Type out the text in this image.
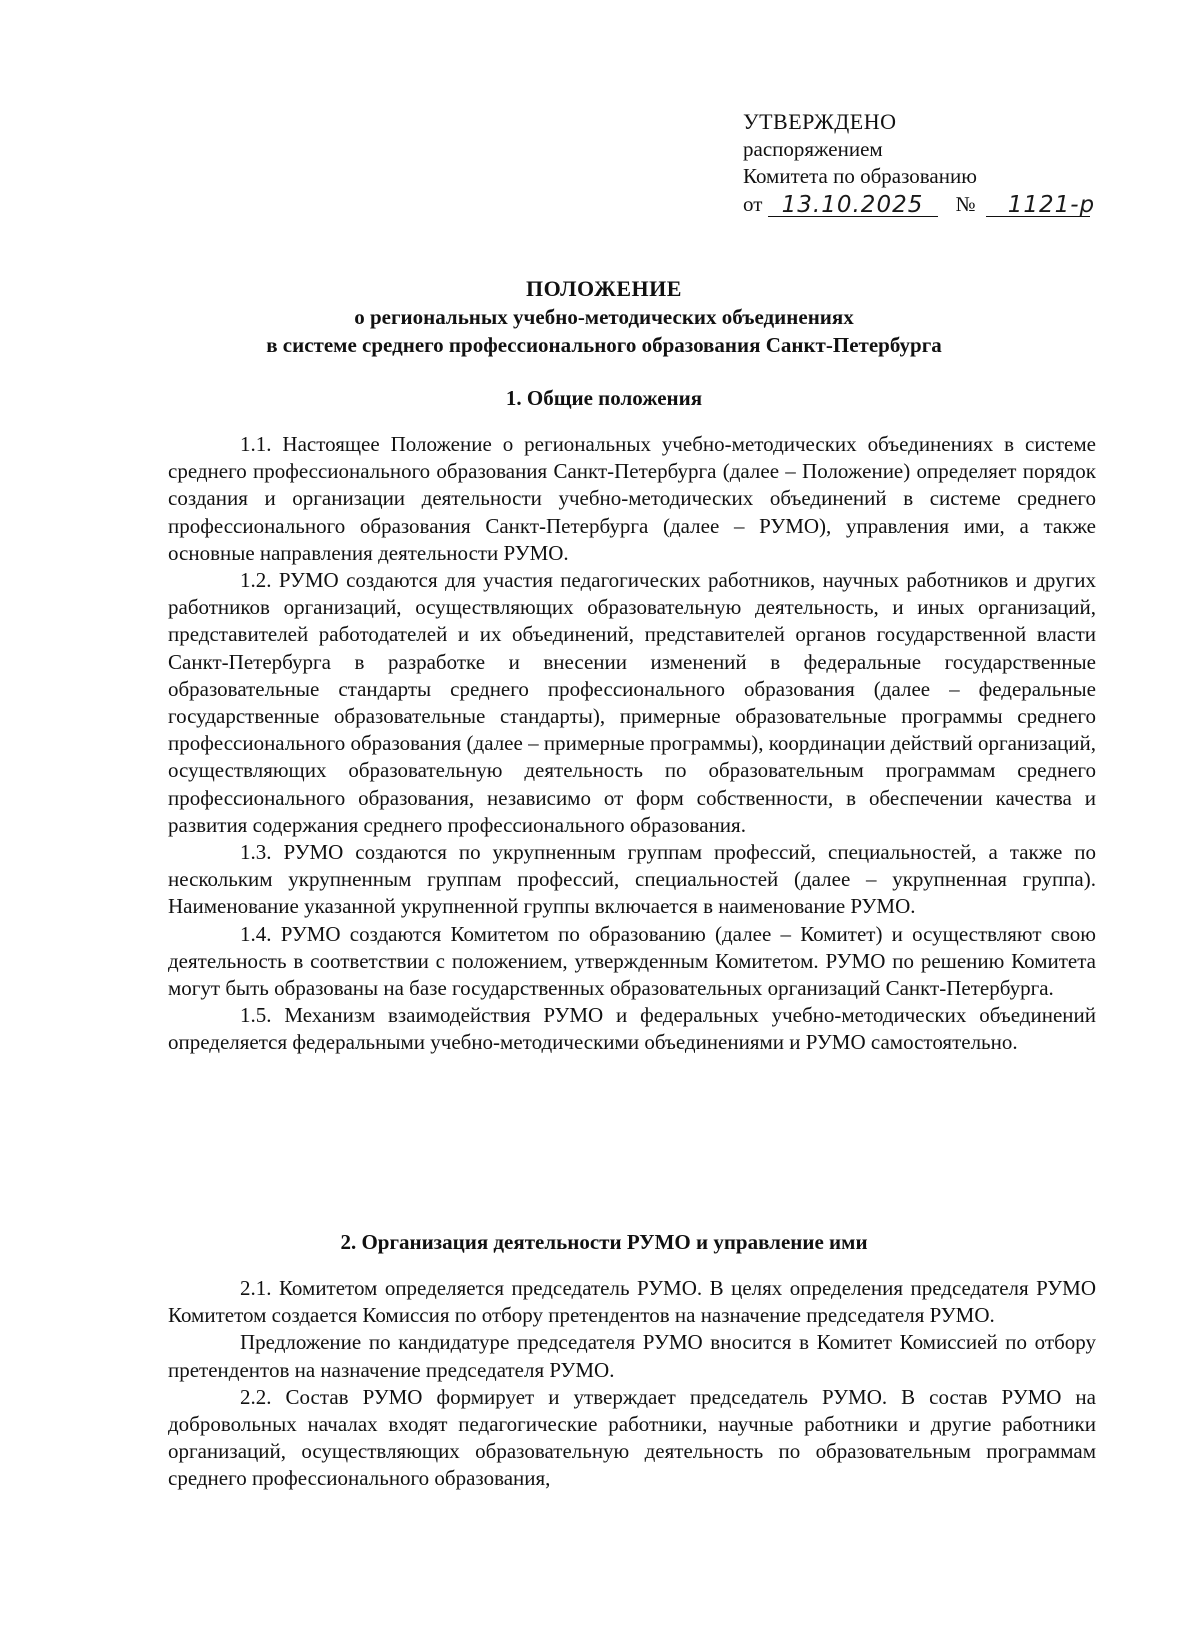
УТВЕРЖДЕНО
распоряжением
Комитета по образованию
от 13.10.2025 № 1121-р
ПОЛОЖЕНИЕ
о региональных учебно-методических объединениях
в системе среднего профессионального образования Санкт-Петербурга
1. Общие положения

1.1. Настоящее Положение о региональных учебно-методических объединениях в системе среднего профессионального образования Санкт-Петербурга (далее – Положение) определяет порядок создания и организации деятельности учебно-методических объединений в системе среднего профессионального образования Санкт-Петербурга (далее – РУМО), управления ими, а также основные направления деятельности РУМО.

1.2. РУМО создаются для участия педагогических работников, научных работников и других работников организаций, осуществляющих образовательную деятельность, и иных организаций, представителей работодателей и их объединений, представителей органов государственной власти Санкт-Петербурга в разработке и внесении изменений в федеральные государственные образовательные стандарты среднего профессионального образования (далее – федеральные государственные образовательные стандарты), примерные образовательные программы среднего профессионального образования (далее – примерные программы), координации действий организаций, осуществляющих образовательную деятельность по образовательным программам среднего профессионального образования, независимо от форм собственности, в обеспечении качества и развития содержания среднего профессионального образования.

1.3. РУМО создаются по укрупненным группам профессий, специальностей, а также по нескольким укрупненным группам профессий, специальностей (далее – укрупненная группа). Наименование указанной укрупненной группы включается в наименование РУМО.

1.4. РУМО создаются Комитетом по образованию (далее – Комитет) и осуществляют свою деятельность в соответствии с положением, утвержденным Комитетом. РУМО по решению Комитета могут быть образованы на базе государственных образовательных организаций Санкт-Петербурга.

1.5. Механизм взаимодействия РУМО и федеральных учебно-методических объединений определяется федеральными учебно-методическими объединениями и РУМО самостоятельно.

2. Организация деятельности РУМО и управление ими

2.1. Комитетом определяется председатель РУМО. В целях определения председателя РУМО Комитетом создается Комиссия по отбору претендентов на назначение председателя РУМО.

Предложение по кандидатуре председателя РУМО вносится в Комитет Комиссией по отбору претендентов на назначение председателя РУМО.

2.2. Состав РУМО формирует и утверждает председатель РУМО. В состав РУМО на добровольных началах входят педагогические работники, научные работники и другие работники организаций, осуществляющих образовательную деятельность по образовательным программам среднего профессионального образования,
